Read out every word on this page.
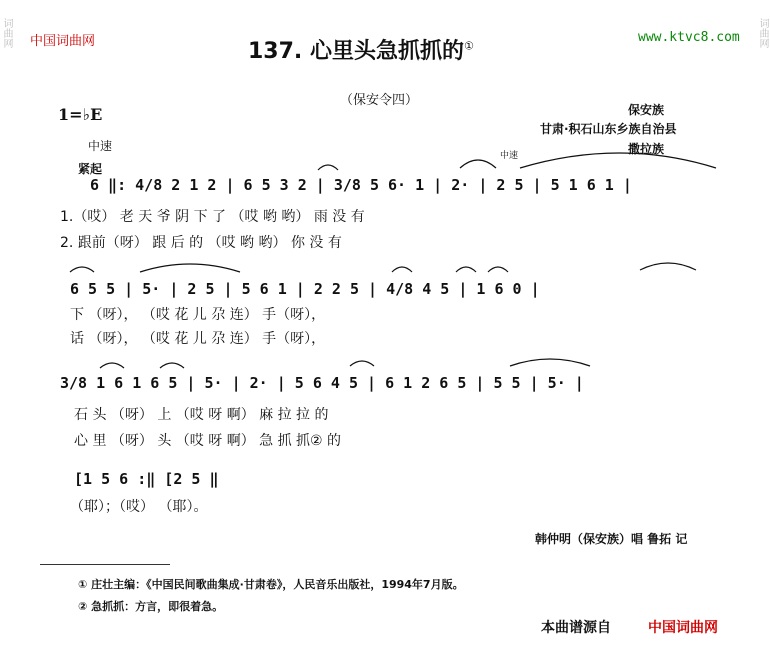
词曲网	词曲网
中国词曲网	www.ktvc8.com
137. 心里头急抓抓的①
（保安令四）
1=♭E	保安族
甘肃·积石山东乡族自治县
撒拉族
中速
紧起
中速
6 ‖: 4/8 2 1 2 | 6 5 3 2 | 3/8 5 6· 1 | 2· | 2 5 | 5 1 6 1 |
1.（哎） 老 天 爷 阴 下 了 （哎 哟 哟） 雨 没 有
2. 跟前（呀） 跟 后 的 （哎 哟 哟） 你 没 有
6 5 5 | 5· | 2 5 | 5 6 1 | 2 2 5 | 4/8 4 5 | 1 6 0 |
下 （呀）， （哎 花 儿 尕 连） 手（呀），
话 （呀）， （哎 花 儿 尕 连） 手（呀），
3/8 1 6 1 6 5 | 5· | 2· | 5 6 4 5 | 6 1 2 6 5 | 5 5 | 5· |
石 头 （呀） 上 （哎 呀 啊） 麻 拉 拉 的
心 里 （呀） 头 （哎 呀 啊） 急 抓 抓② 的
[1 5 6 :‖ [2 5 ‖
（耶）；（哎） （耶）。
韩仲明（保安族）唱 鲁拓 记
① 庄壮主编：《中国民间歌曲集成·甘肃卷》，人民音乐出版社，1994年7月版。
② 急抓抓：方言，即很着急。
本曲谱源自	中国词曲网
